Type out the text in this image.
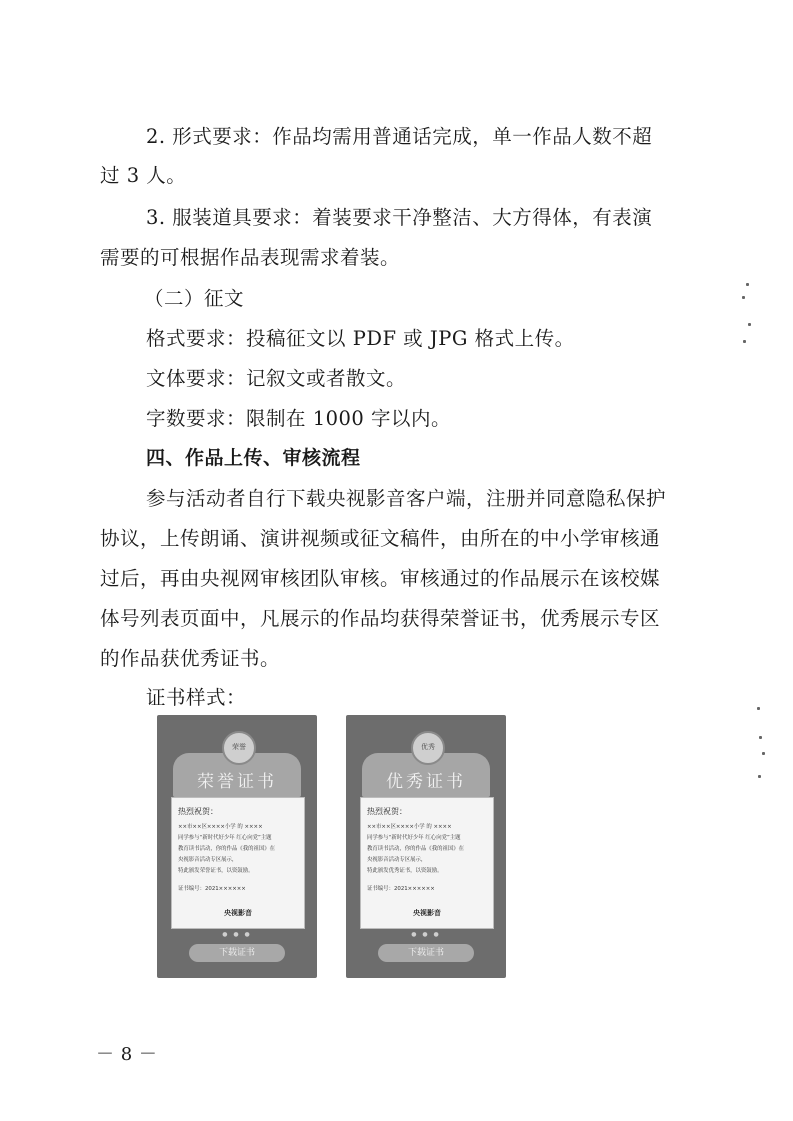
2. 形式要求：作品均需用普通话完成，单一作品人数不超
过 3 人。
3. 服装道具要求：着装要求干净整洁、大方得体，有表演
需要的可根据作品表现需求着装。
（二）征文
格式要求：投稿征文以 PDF 或 JPG 格式上传。
文体要求：记叙文或者散文。
字数要求：限制在 1000 字以内。
四、作品上传、审核流程
参与活动者自行下载央视影音客户端，注册并同意隐私保护
协议，上传朗诵、演讲视频或征文稿件，由所在的中小学审核通
过后，再由央视网审核团队审核。审核通过的作品展示在该校媒
体号列表页面中，凡展示的作品均获得荣誉证书，优秀展示专区
的作品获优秀证书。
证书样式：
荣誉
荣誉证书
热烈祝贺：
××市××区××××小学 的 ××××
同学参与“新时代好少年 红心向党”主题
教育读书活动，你的作品《我的祖国》在
央视影音活动专区展示，
特此颁发荣誉证书，以资鼓励。
证书编号：2021××××××
央视影音
● ● ●
下载证书
优秀
优秀证书
热烈祝贺：
××市××区××××小学 的 ××××
同学参与“新时代好少年 红心向党”主题
教育读书活动，你的作品《我的祖国》在
央视影音活动专区展示，
特此颁发优秀证书，以资鼓励。
证书编号：2021××××××
央视影音
● ● ●
下载证书
－ 8 －
